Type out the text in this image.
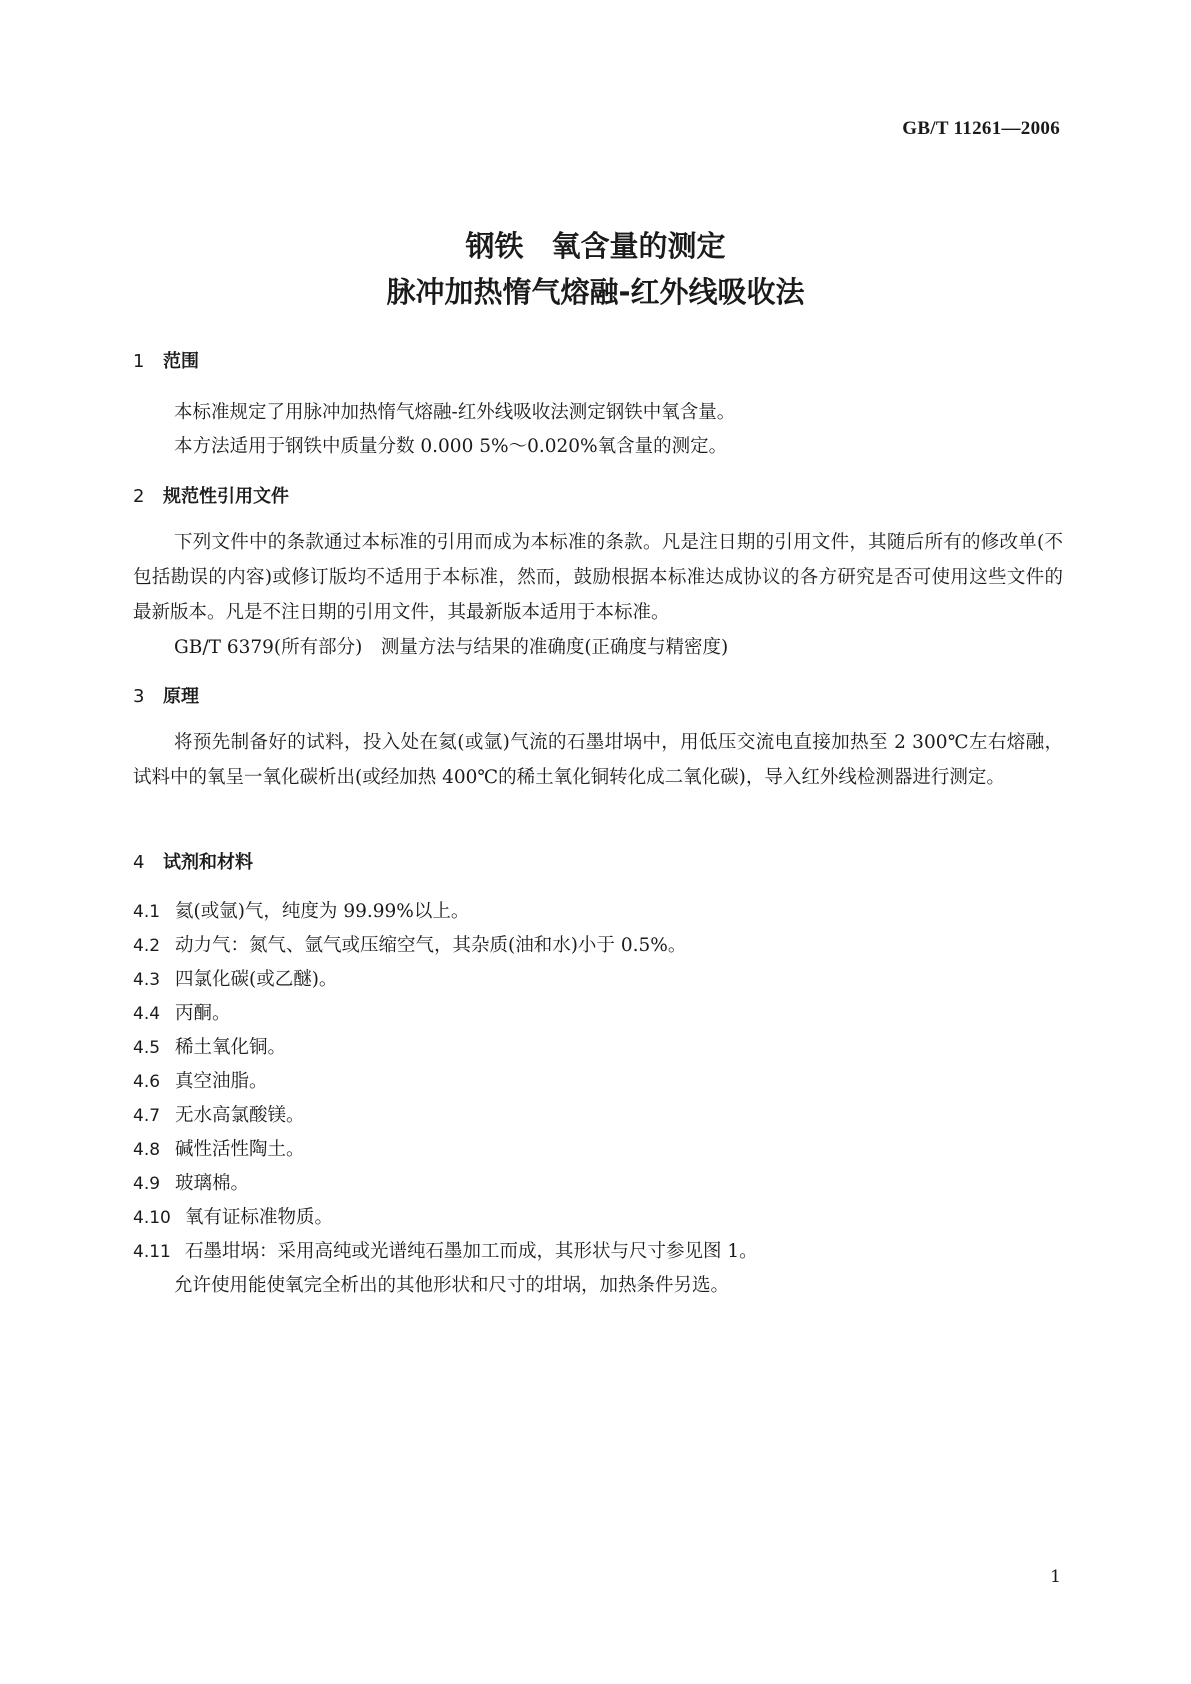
GB/T 11261—2006
钢铁 氧含量的测定
脉冲加热惰气熔融-红外线吸收法
1 范围
本标准规定了用脉冲加热惰气熔融-红外线吸收法测定钢铁中氧含量。
本方法适用于钢铁中质量分数 0.000 5%～0.020%氧含量的测定。
2 规范性引用文件
下列文件中的条款通过本标准的引用而成为本标准的条款。凡是注日期的引用文件，其随后所有的修改单(不包括勘误的内容)或修订版均不适用于本标准，然而，鼓励根据本标准达成协议的各方研究是否可使用这些文件的最新版本。凡是不注日期的引用文件，其最新版本适用于本标准。
GB/T 6379(所有部分)　测量方法与结果的准确度(正确度与精密度)
3 原理
将预先制备好的试料，投入处在氦(或氩)气流的石墨坩埚中，用低压交流电直接加热至 2 300℃左右熔融，试料中的氧呈一氧化碳析出(或经加热 400℃的稀土氧化铜转化成二氧化碳)，导入红外线检测器进行测定。
4 试剂和材料
4.1 氦(或氩)气，纯度为 99.99%以上。
4.2 动力气：氮气、氩气或压缩空气，其杂质(油和水)小于 0.5%。
4.3 四氯化碳(或乙醚)。
4.4 丙酮。
4.5 稀土氧化铜。
4.6 真空油脂。
4.7 无水高氯酸镁。
4.8 碱性活性陶土。
4.9 玻璃棉。
4.10 氧有证标准物质。
4.11 石墨坩埚：采用高纯或光谱纯石墨加工而成，其形状与尺寸参见图 1。
允许使用能使氧完全析出的其他形状和尺寸的坩埚，加热条件另选。
1
